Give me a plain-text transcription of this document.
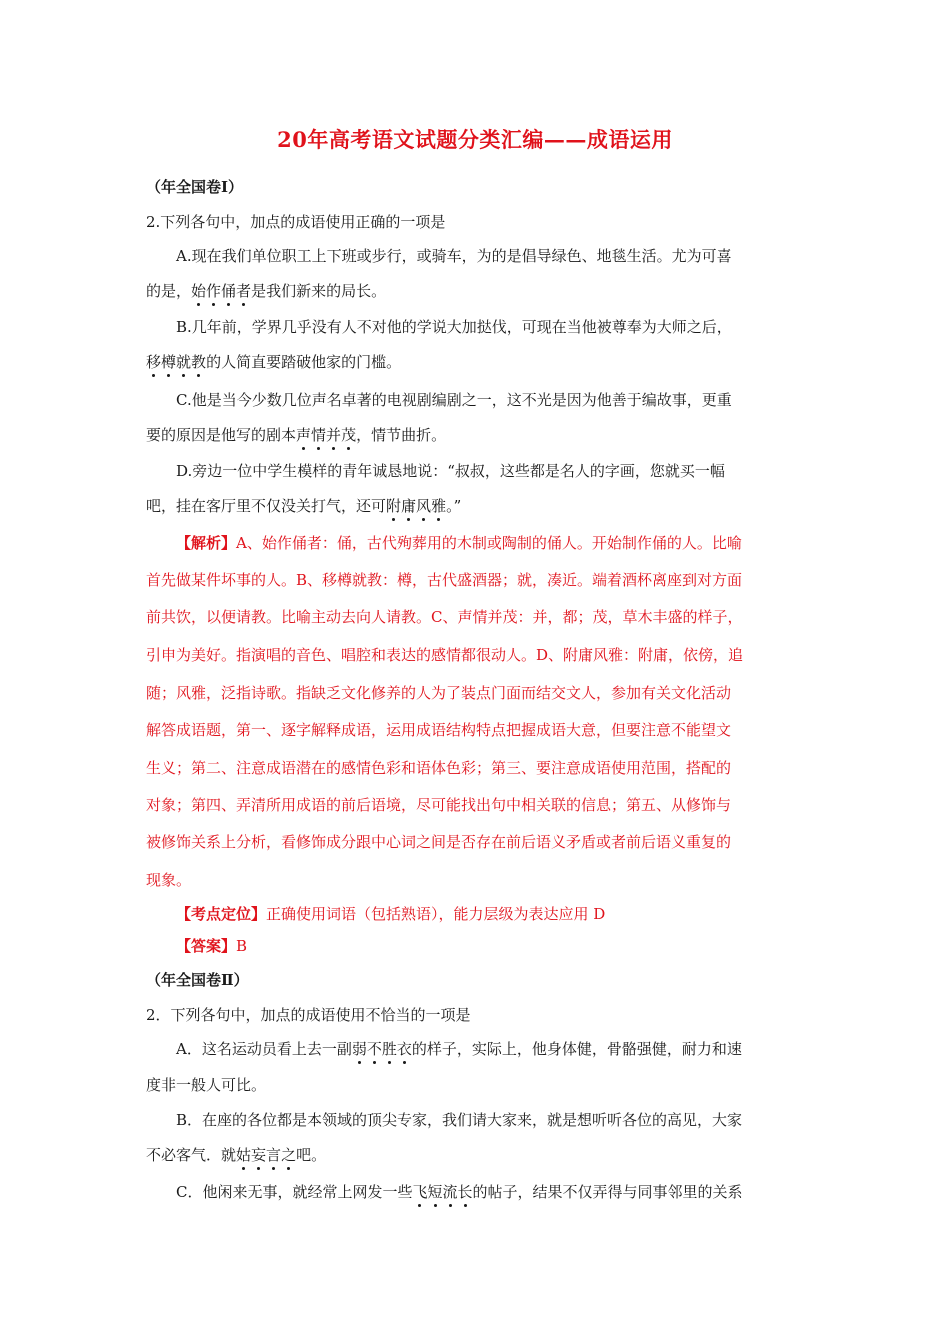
20年高考语文试题分类汇编——成语运用
（年全国卷Ⅰ）
2.下列各句中，加点的成语使用正确的一项是
A.现在我们单位职工上下班或步行，或骑车，为的是倡导绿色、地毯生活。尤为可喜
的是，始作俑者是我们新来的局长。
B.几年前，学界几乎没有人不对他的学说大加挞伐，可现在当他被尊奉为大师之后，
移樽就教的人简直要踏破他家的门槛。
C.他是当今少数几位声名卓著的电视剧编剧之一，这不光是因为他善于编故事，更重
要的原因是他写的剧本声情并茂，情节曲折。
D.旁边一位中学生模样的青年诚恳地说：“叔叔，这些都是名人的字画，您就买一幅
吧，挂在客厅里不仅没关打气，还可附庸风雅。”
【解析】A、始作俑者：俑，古代殉葬用的木制或陶制的俑人。开始制作俑的人。比喻
首先做某件坏事的人。B、移樽就教：樽，古代盛酒器；就，凑近。端着酒杯离座到对方面
前共饮，以便请教。比喻主动去向人请教。C、声情并茂：并，都；茂，草木丰盛的样子，
引申为美好。指演唱的音色、唱腔和表达的感情都很动人。D、附庸风雅：附庸，依傍，追
随；风雅，泛指诗歌。指缺乏文化修养的人为了装点门面而结交文人，参加有关文化活动
解答成语题，第一、逐字解释成语，运用成语结构特点把握成语大意，但要注意不能望文
生义；第二、注意成语潜在的感情色彩和语体色彩；第三、要注意成语使用范围，搭配的
对象；第四、弄清所用成语的前后语境，尽可能找出句中相关联的信息；第五、从修饰与
被修饰关系上分析，看修饰成分跟中心词之间是否存在前后语义矛盾或者前后语义重复的
现象。
【考点定位】正确使用词语（包括熟语），能力层级为表达应用 D
【答案】B
（年全国卷Ⅱ）
2．下列各句中，加点的成语使用不恰当的一项是
A．这名运动员看上去一副弱不胜衣的样子，实际上，他身体健，骨骼强健，耐力和速
度非一般人可比。
B．在座的各位都是本领域的顶尖专家，我们请大家来，就是想听听各位的高见，大家
不必客气．就姑妄言之吧。
C．他闲来无事，就经常上网发一些飞短流长的帖子，结果不仅弄得与同事邻里的关系
